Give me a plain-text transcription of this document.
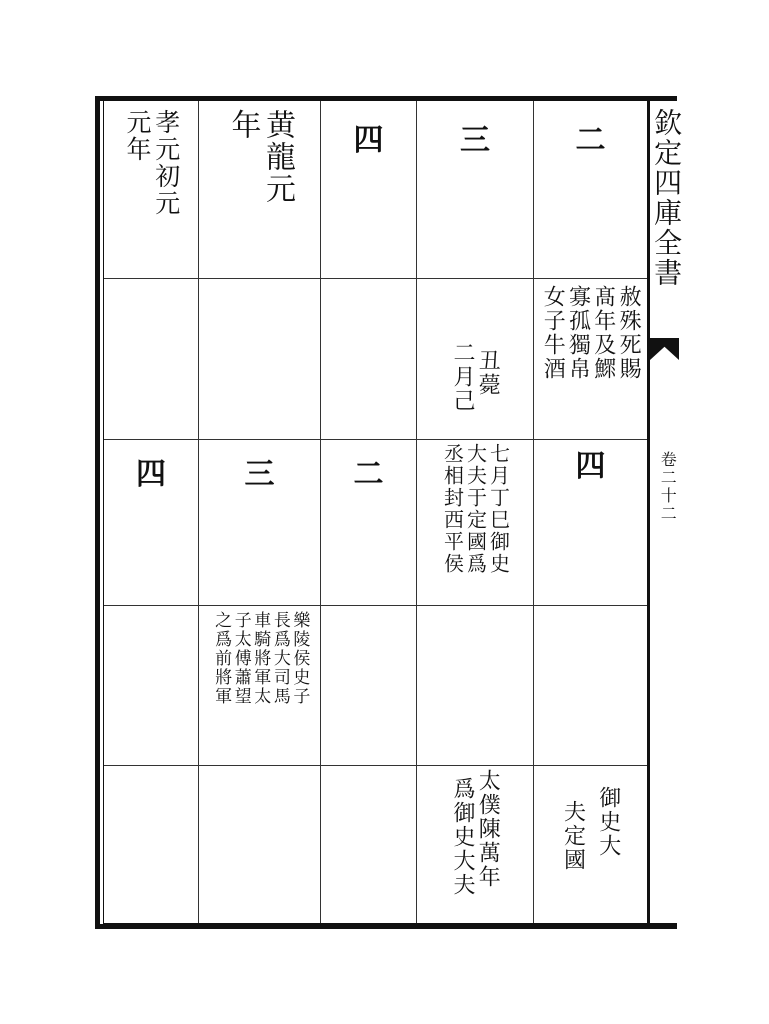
二
三
四
黄龍元年
孝元初元元年
赦殊死賜
髙年及鰥
寡孤獨帛
女子牛酒
丑薨
二月己
四
七月丁巳御史
大夫于定國爲
丞相封西平侯
二
三
四
樂陵侯史子
長爲大司馬
車騎將軍太
子太傅蕭望
之爲前將軍
御史大
夫定國
太僕陳萬年
爲御史大夫
欽定四庫全書
卷二十二
